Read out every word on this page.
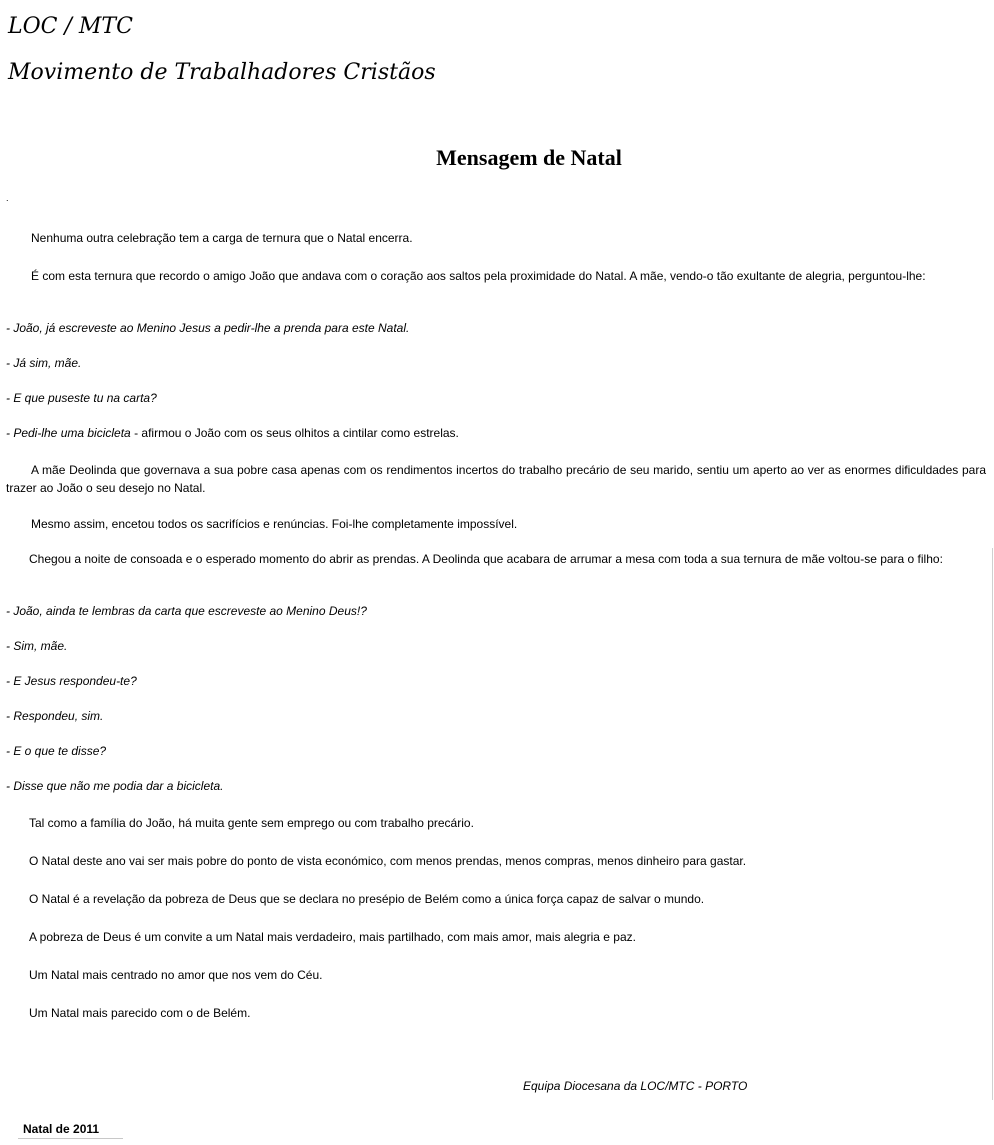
LOC / MTC
Movimento de Trabalhadores Cristãos
Mensagem de Natal
.

Nenhuma outra celebração tem a carga de ternura que o Natal encerra.

É com esta ternura que recordo o amigo João que andava com o coração aos saltos pela proximidade do Natal. A mãe, vendo-o tão exultante de alegria, perguntou-lhe:

- João, já escreveste ao Menino Jesus a pedir-lhe a prenda para este Natal.

- Já sim, mãe.

- E que puseste tu na carta?

- Pedi-lhe uma bicicleta - afirmou o João com os seus olhitos a cintilar como estrelas.

A mãe Deolinda que governava a sua pobre casa apenas com os rendimentos incertos do trabalho precário de seu marido, sentiu um aperto ao ver as enormes dificuldades para trazer ao João o seu desejo no Natal.

Mesmo assim, encetou todos os sacrifícios e renúncias. Foi-lhe completamente impossível.

Chegou a noite de consoada e o esperado momento do abrir as prendas. A Deolinda que acabara de arrumar a mesa com toda a sua ternura de mãe voltou-se para o filho:

- João, ainda te lembras da carta que escreveste ao Menino Deus!?

- Sim, mãe.

- E Jesus respondeu-te?

- Respondeu, sim.

- E o que te disse?

- Disse que não me podia dar a bicicleta.

Tal como a família do João, há muita gente sem emprego ou com trabalho precário.

O Natal deste ano vai ser mais pobre do ponto de vista económico, com menos prendas, menos compras, menos dinheiro para gastar.

O Natal é a revelação da pobreza de Deus que se declara no presépio de Belém como a única força capaz de salvar o mundo.

A pobreza de Deus é um convite a um Natal mais verdadeiro, mais partilhado, com mais amor, mais alegria e paz.

Um Natal mais centrado no amor que nos vem do Céu.

Um Natal mais parecido com o de Belém.

Equipa Diocesana da LOC/MTC - PORTO
Natal de 2011
